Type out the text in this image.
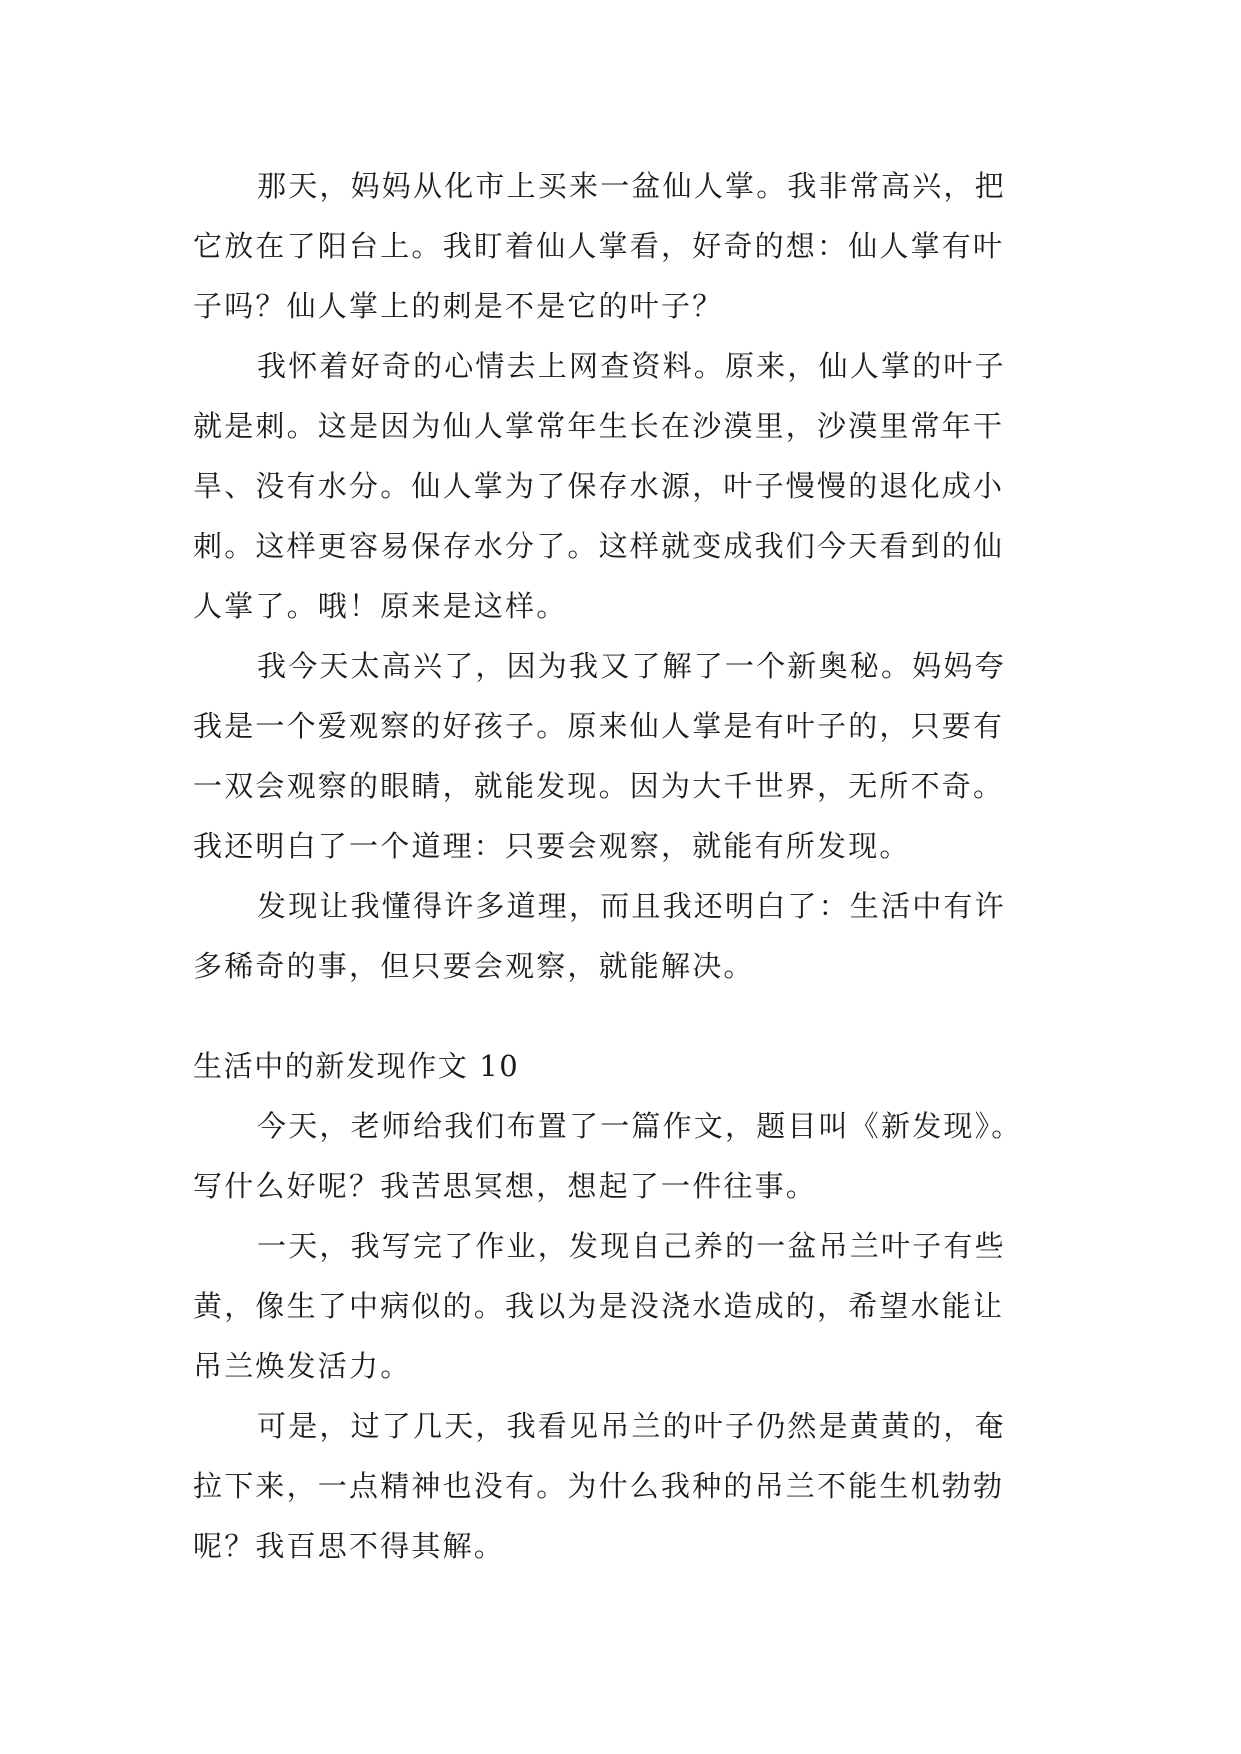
那天，妈妈从化市上买来一盆仙人掌。我非常高兴，把
它放在了阳台上。我盯着仙人掌看，好奇的想：仙人掌有叶
子吗？仙人掌上的刺是不是它的叶子？
我怀着好奇的心情去上网查资料。原来，仙人掌的叶子
就是刺。这是因为仙人掌常年生长在沙漠里，沙漠里常年干
旱、没有水分。仙人掌为了保存水源，叶子慢慢的退化成小
刺。这样更容易保存水分了。这样就变成我们今天看到的仙
人掌了。哦！原来是这样。
我今天太高兴了，因为我又了解了一个新奥秘。妈妈夸
我是一个爱观察的好孩子。原来仙人掌是有叶子的，只要有
一双会观察的眼睛，就能发现。因为大千世界，无所不奇。
我还明白了一个道理：只要会观察，就能有所发现。
发现让我懂得许多道理，而且我还明白了：生活中有许
多稀奇的事，但只要会观察，就能解决。
生活中的新发现作文 10
今天，老师给我们布置了一篇作文，题目叫《新发现》。
写什么好呢？我苦思冥想，想起了一件往事。
一天，我写完了作业，发现自己养的一盆吊兰叶子有些
黄，像生了中病似的。我以为是没浇水造成的，希望水能让
吊兰焕发活力。
可是，过了几天，我看见吊兰的叶子仍然是黄黄的，奄
拉下来，一点精神也没有。为什么我种的吊兰不能生机勃勃
呢？我百思不得其解。
